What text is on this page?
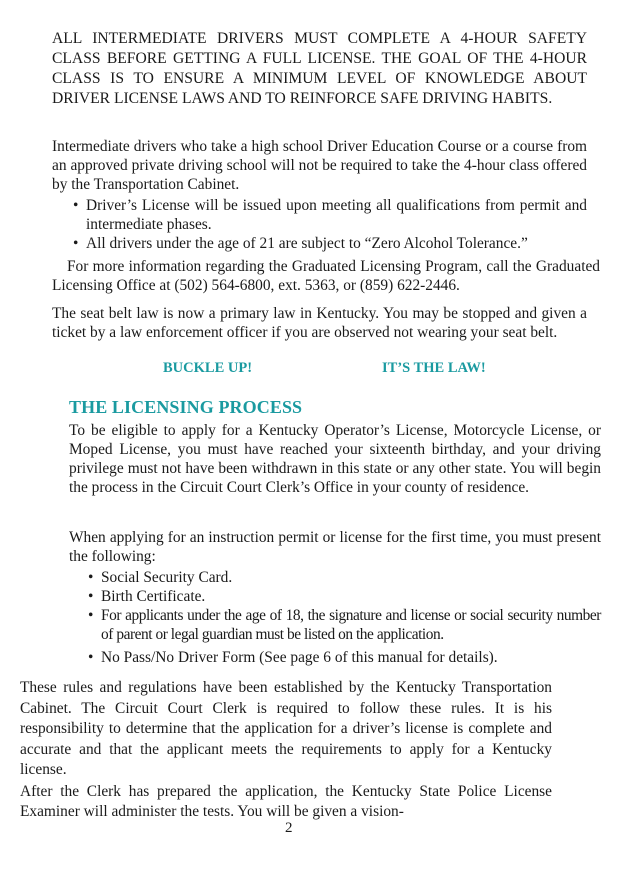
ALL INTERMEDIATE DRIVERS MUST COMPLETE A 4-HOUR SAFETY CLASS BEFORE GETTING A FULL LICENSE. THE GOAL OF THE 4-HOUR CLASS IS TO ENSURE A MINIMUM LEVEL OF KNOWLEDGE ABOUT DRIVER LICENSE LAWS AND TO REINFORCE SAFE DRIVING HABITS.
Intermediate drivers who take a high school Driver Education Course or a course from an approved private driving school will not be required to take the 4-hour class offered by the Transportation Cabinet.
• Driver’s License will be issued upon meeting all qualifications from permit and intermediate phases.
• All drivers under the age of 21 are subject to “Zero Alcohol Tolerance.”
For more information regarding the Graduated Licensing Program, call the Graduated Licensing Office at (502) 564-6800, ext. 5363, or (859) 622-2446.
The seat belt law is now a primary law in Kentucky. You may be stopped and given a ticket by a law enforcement officer if you are observed not wearing your seat belt.
BUCKLE UP!	IT’S THE LAW!
THE LICENSING PROCESS
To be eligible to apply for a Kentucky Operator’s License, Motorcycle License, or Moped License, you must have reached your sixteenth birthday, and your driving privilege must not have been withdrawn in this state or any other state. You will begin the process in the Circuit Court Clerk’s Office in your county of residence.
When applying for an instruction permit or license for the first time, you must present the following:
• Social Security Card.
• Birth Certificate.
• For applicants under the age of 18, the signature and license or social security number of parent or legal guardian must be listed on the application.
• No Pass/No Driver Form (See page 6 of this manual for details).
These rules and regulations have been established by the Kentucky Transportation Cabinet. The Circuit Court Clerk is required to follow these rules. It is his responsibility to determine that the application for a driver’s license is complete and accurate and that the applicant meets the requirements to apply for a Kentucky license.
After the Clerk has prepared the application, the Kentucky State Police License Examiner will administer the tests. You will be given a vision-
2
